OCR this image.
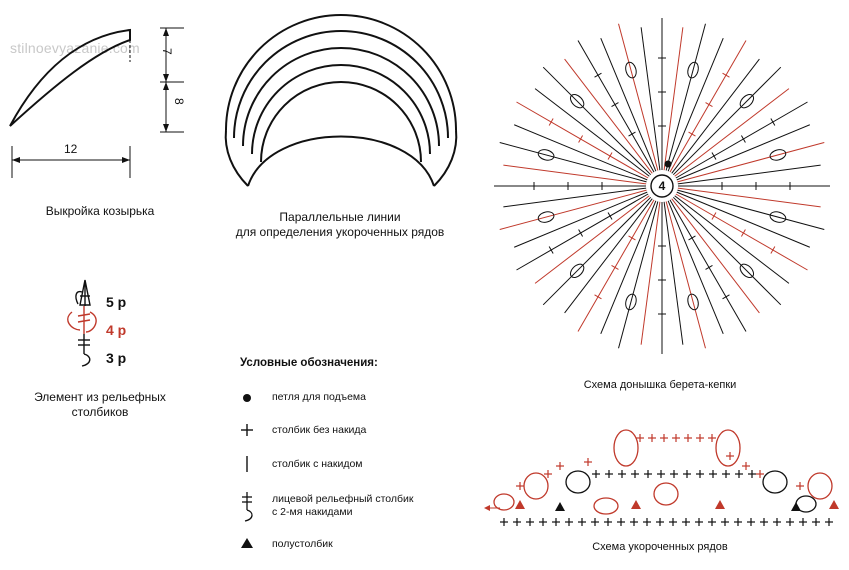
stilnoevyazanie.com 7
8
12
Выкройка козырька	Параллельные линии
для определения укороченных рядов
5 р
4 р
3 р
Элемент из рельефных
столбиков
Условные обозначения:
петля для подъема
столбик без накида
столбик с накидом
лицевой рельефный столбик
с 2-мя накидами
полустолбик
4
Схема донышка берета-кепки
Схема укороченных рядов
